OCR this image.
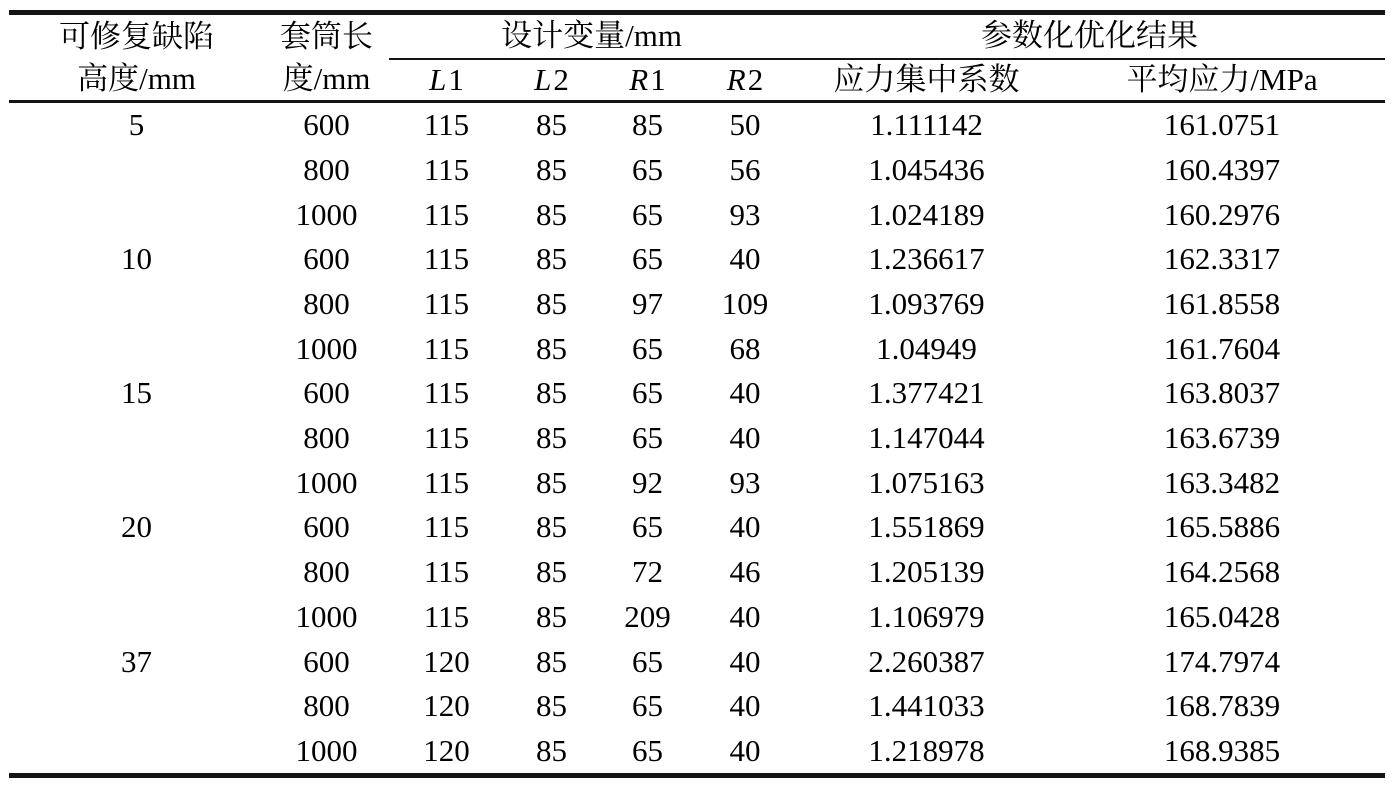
可修复缺陷	套筒长	设计变量/mm				参数化优化结果	
高度/mm	度/mm	L1	L2	R1	R2	应力集中系数	平均应力/MPa
5	600	115	85	85	50	1.111142	161.0751
	800	115	85	65	56	1.045436	160.4397
	1000	115	85	65	93	1.024189	160.2976
10	600	115	85	65	40	1.236617	162.3317
	800	115	85	97	109	1.093769	161.8558
	1000	115	85	65	68	1.04949	161.7604
15	600	115	85	65	40	1.377421	163.8037
	800	115	85	65	40	1.147044	163.6739
	1000	115	85	92	93	1.075163	163.3482
20	600	115	85	65	40	1.551869	165.5886
	800	115	85	72	46	1.205139	164.2568
	1000	115	85	209	40	1.106979	165.0428
37	600	120	85	65	40	2.260387	174.7974
	800	120	85	65	40	1.441033	168.7839
	1000	120	85	65	40	1.218978	168.9385
